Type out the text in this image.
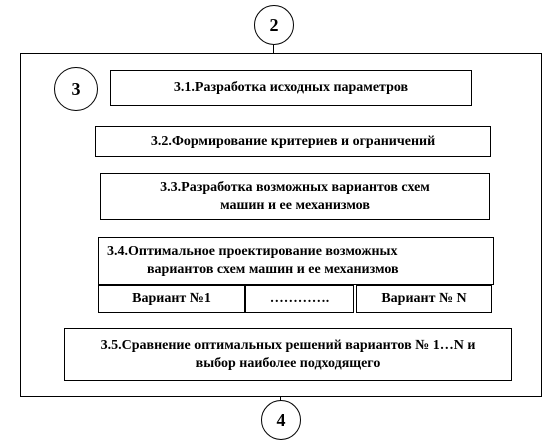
2
3	3.1.Разработка исходных параметров
3.2.Формирование критериев и ограничений
3.3.Разработка возможных вариантов схем
машин и ее механизмов
3.4.Оптимальное проектирование возможных
вариантов схем машин и ее механизмов
Вариант №1	………….	Вариант № N
3.5.Сравнение оптимальных решений вариантов № 1…N и
выбор наиболее подходящего
4
